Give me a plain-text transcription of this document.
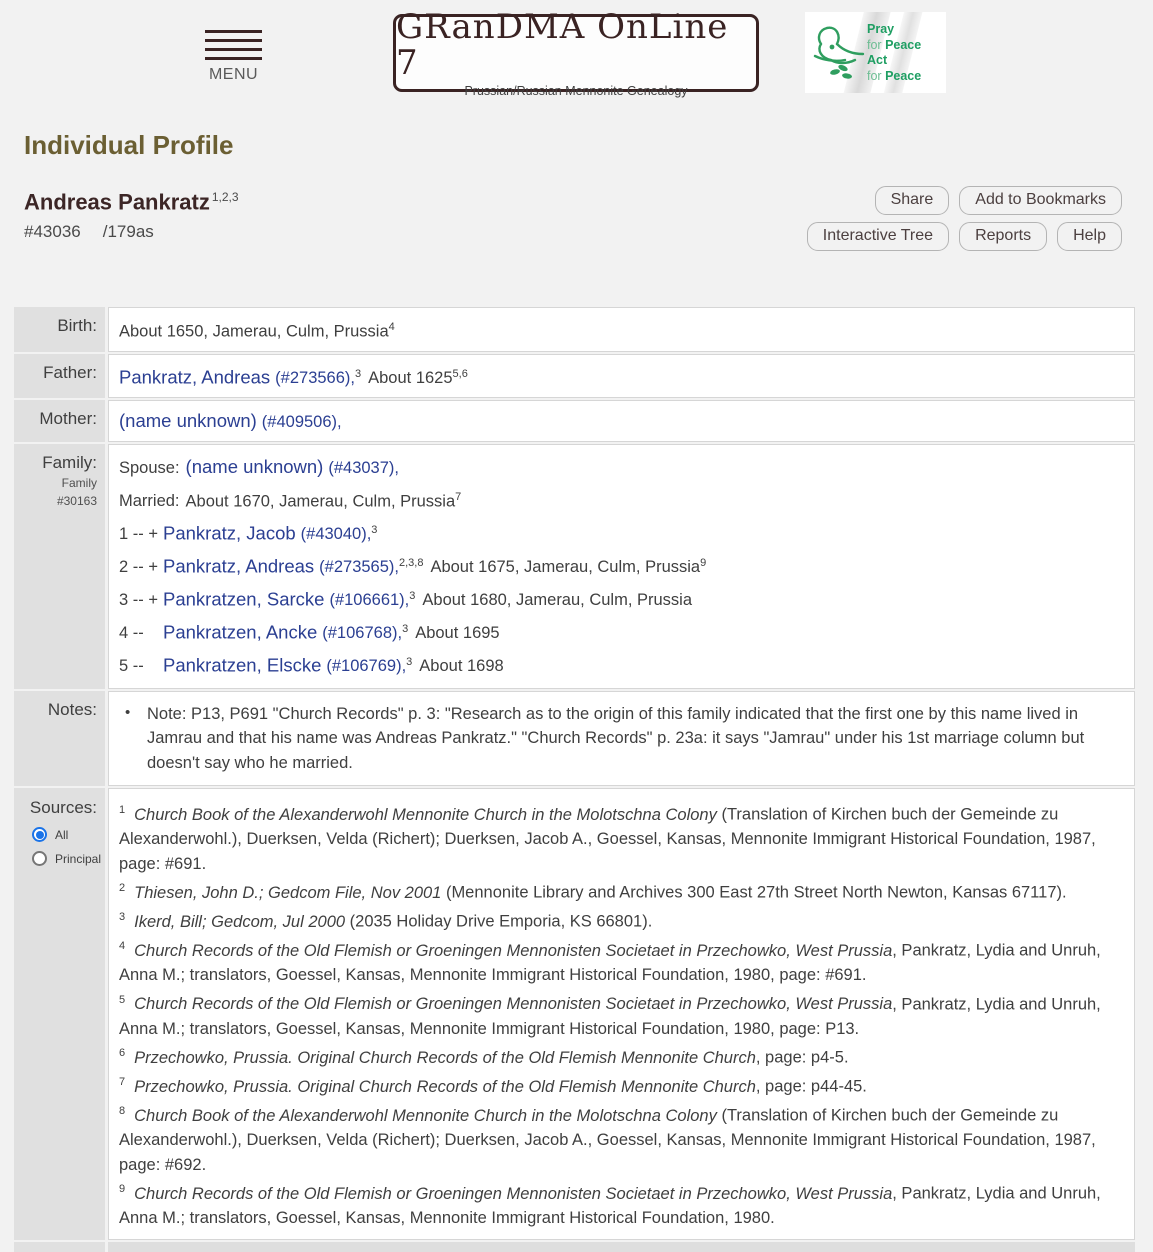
MENU
GRanDMA OnLine 7
Prussian/Russian Mennonite Genealogy
Pray
for Peace
Act
for Peace
Individual Profile
Andreas Pankratz $^{1,2,3}$
#43036 /179as
Share	Add to Bookmarks
Interactive Tree	Reports	Help
Birth:	About 1650, Jamerau, Culm, Prussia$^4$
Father:	Pankratz, Andreas (#273566),$^3$ About 1625$^{5,6}$
Mother:	(name unknown) (#409506),
Family:
Family
#30163
Spouse: (name unknown) (#43037),
Married: About 1670, Jamerau, Culm, Prussia$^7$
1 -- + Pankratz, Jacob (#43040),$^3$
2 -- + Pankratz, Andreas (#273565),$^{2,3,8}$ About 1675, Jamerau, Culm, Prussia$^9$
3 -- + Pankratzen, Sarcke (#106661),$^3$ About 1680, Jamerau, Culm, Prussia
4 -- Pankratzen, Ancke (#106768),$^3$ About 1695
5 -- Pankratzen, Elscke (#106769),$^3$ About 1698
Notes:	• Note: P13, P691 "Church Records" p. 3: "Research as to the origin of this family indicated that the first one by this name lived in Jamrau and that his name was Andreas Pankratz." "Church Records" p. 23a: it says "Jamrau" under his 1st marriage column but doesn't say who he married.
Sources:
All
Principal
$^1$ Church Book of the Alexanderwohl Mennonite Church in the Molotschna Colony (Translation of Kirchen buch der Gemeinde zu Alexanderwohl.), Duerksen, Velda (Richert); Duerksen, Jacob A., Goessel, Kansas, Mennonite Immigrant Historical Foundation, 1987, page: #691.
$^2$ Thiesen, John D.; Gedcom File, Nov 2001 (Mennonite Library and Archives 300 East 27th Street North Newton, Kansas 67117).
$^3$ Ikerd, Bill; Gedcom, Jul 2000 (2035 Holiday Drive Emporia, KS 66801).
$^4$ Church Records of the Old Flemish or Groeningen Mennonisten Societaet in Przechowko, West Prussia, Pankratz, Lydia and Unruh, Anna M.; translators, Goessel, Kansas, Mennonite Immigrant Historical Foundation, 1980, page: #691.
$^5$ Church Records of the Old Flemish or Groeningen Mennonisten Societaet in Przechowko, West Prussia, Pankratz, Lydia and Unruh, Anna M.; translators, Goessel, Kansas, Mennonite Immigrant Historical Foundation, 1980, page: P13.
$^6$ Przechowko, Prussia. Original Church Records of the Old Flemish Mennonite Church, page: p4-5.
$^7$ Przechowko, Prussia. Original Church Records of the Old Flemish Mennonite Church, page: p44-45.
$^8$ Church Book of the Alexanderwohl Mennonite Church in the Molotschna Colony (Translation of Kirchen buch der Gemeinde zu Alexanderwohl.), Duerksen, Velda (Richert); Duerksen, Jacob A., Goessel, Kansas, Mennonite Immigrant Historical Foundation, 1987, page: #692.
$^9$ Church Records of the Old Flemish or Groeningen Mennonisten Societaet in Przechowko, West Prussia, Pankratz, Lydia and Unruh, Anna M.; translators, Goessel, Kansas, Mennonite Immigrant Historical Foundation, 1980.
